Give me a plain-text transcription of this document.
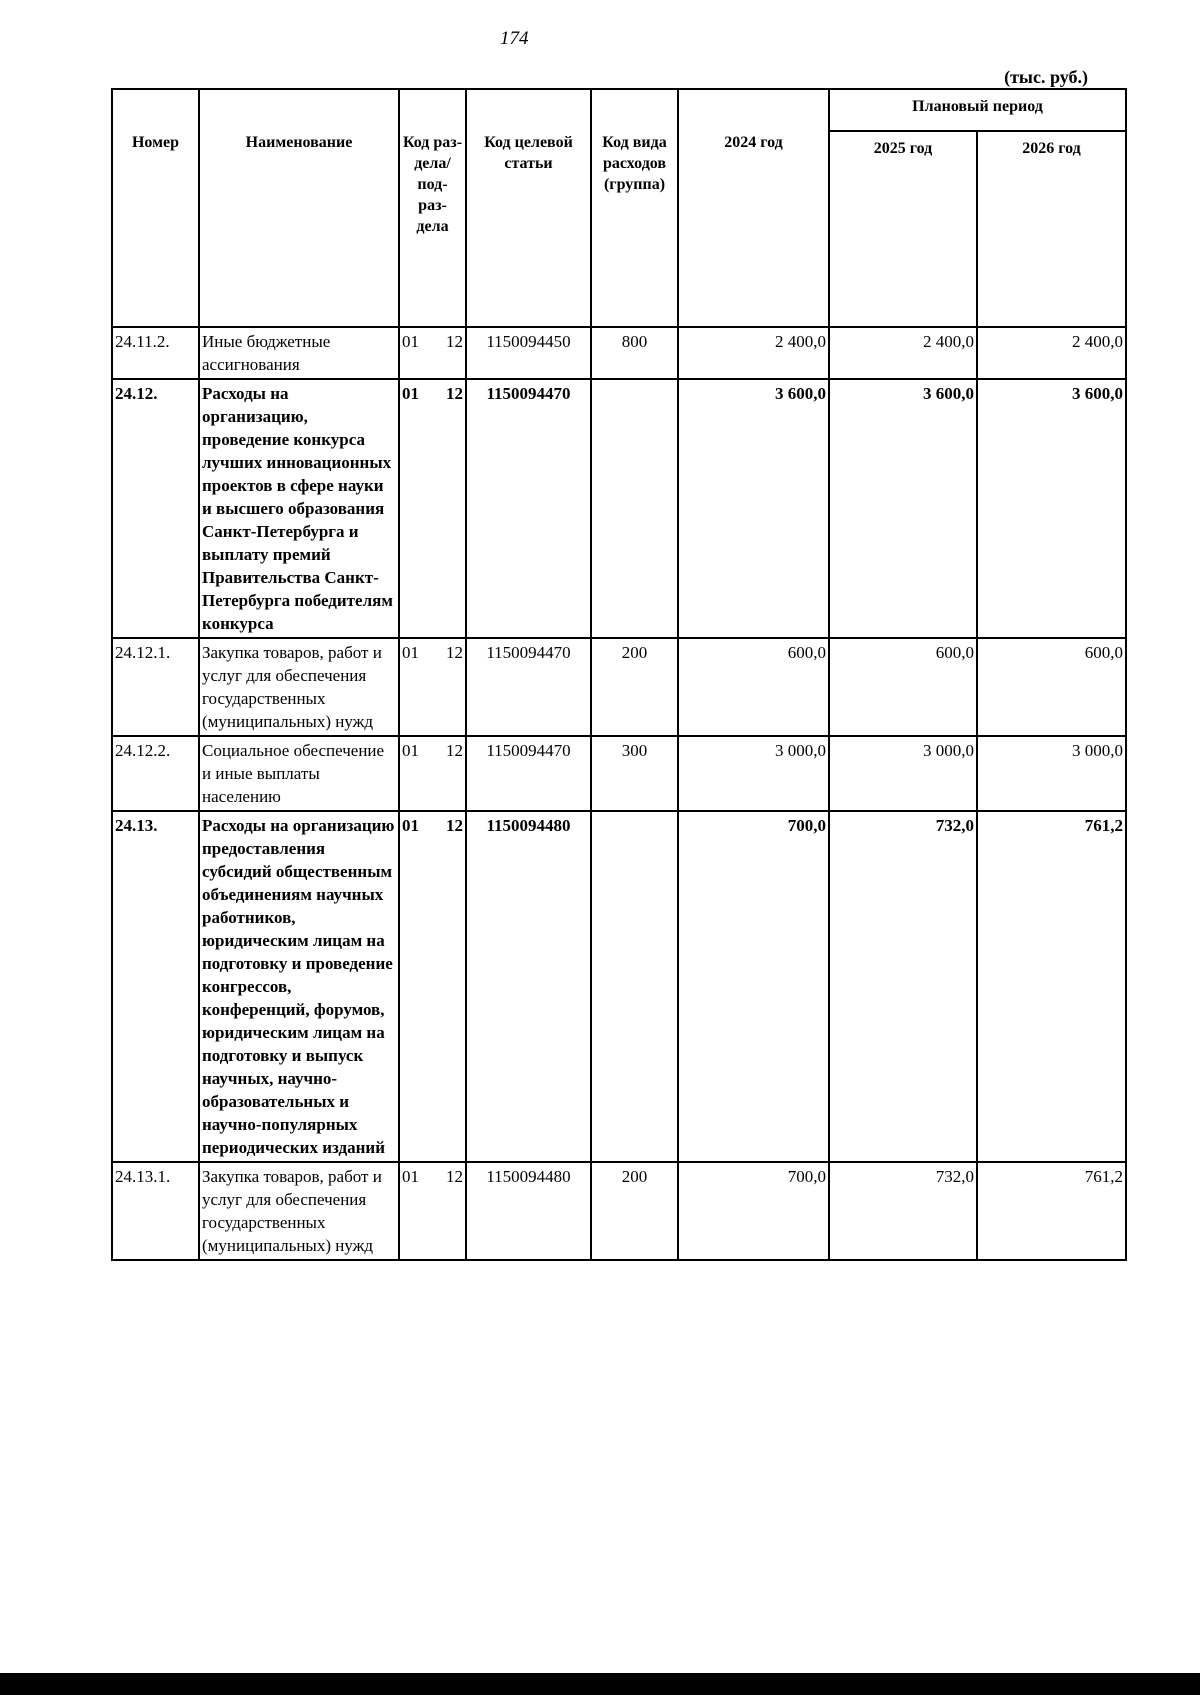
174
(тыс. руб.)
Номер	Наименование	Код раз- дела/ под- раз- дела	Код целевой статьи	Код вида расходов (группа)	2024 год	Плановый период	
						2025 год	2026 год
24.11.2.	Иные бюджетные ассигнования	01 12	1150094450	800	2 400,0	2 400,0	2 400,0
24.12.	Расходы на организацию, проведение конкурса лучших инновационных проектов в сфере науки и высшего образования Санкт-Петербурга и выплату премий Правительства Санкт-Петербурга победителям конкурса	01 12	1150094470		3 600,0	3 600,0	3 600,0
24.12.1.	Закупка товаров, работ и услуг для обеспечения государственных (муниципальных) нужд	01 12	1150094470	200	600,0	600,0	600,0
24.12.2.	Социальное обеспечение и иные выплаты населению	01 12	1150094470	300	3 000,0	3 000,0	3 000,0
24.13.	Расходы на организацию предоставления субсидий общественным объединениям научных работников, юридическим лицам на подготовку и проведение конгрессов, конференций, форумов, юридическим лицам на подготовку и выпуск научных, научно-образовательных и научно-популярных периодических изданий	01 12	1150094480		700,0	732,0	761,2
24.13.1.	Закупка товаров, работ и услуг для обеспечения государственных (муниципальных) нужд	01 12	1150094480	200	700,0	732,0	761,2
